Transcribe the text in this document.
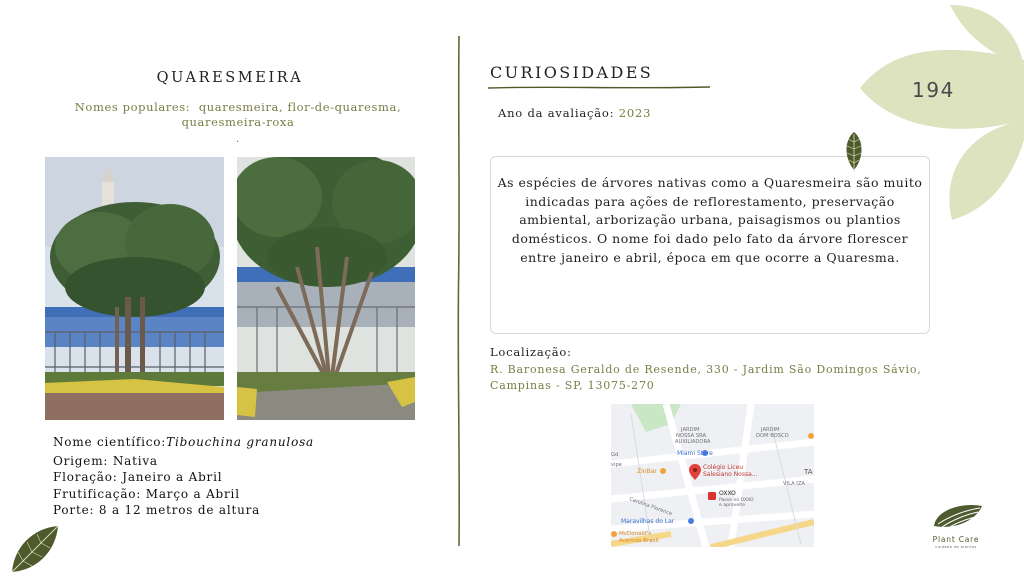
QUARESMEIRA
Nomes populares: quaresmeira, flor-de-quaresma,
quaresmeira-roxa
.
Nome científico:Tibouchina granulosa
Origem: Nativa
Floração: Janeiro a Abril
Frutificação: Março a Abril
Porte: 8 a 12 metros de altura
CURIOSIDADES
Ano da avaliação: 2023
As espécies de árvores nativas como a Quaresmeira são muito indicadas para ações de reflorestamento, preservação ambiental, arborização urbana, paisagismos ou plantios domésticos. O nome foi dado pelo fato da árvore florescer entre janeiro e abril, época em que ocorre a Quaresma.
Localização:
R. Baronesa Geraldo de Resende, 330 - Jardim São Domingos Sávio,
Campinas - SP, 13075-270
JARDIM
NOSSA SRA.
AUXILIADORA
JARDIM
DOM BOSCO
VILA IZA
Gd
vipe
TA
Carolina Florence
Miami Store
ZinBar
Colégio Liceu
Salesiano Nossa...
OXXO
Passe no OXXO
e aproveite
Maravilhas do Lar
McDonald's
Avenida Brasil
194
Plant Care
cuidado de plantas
